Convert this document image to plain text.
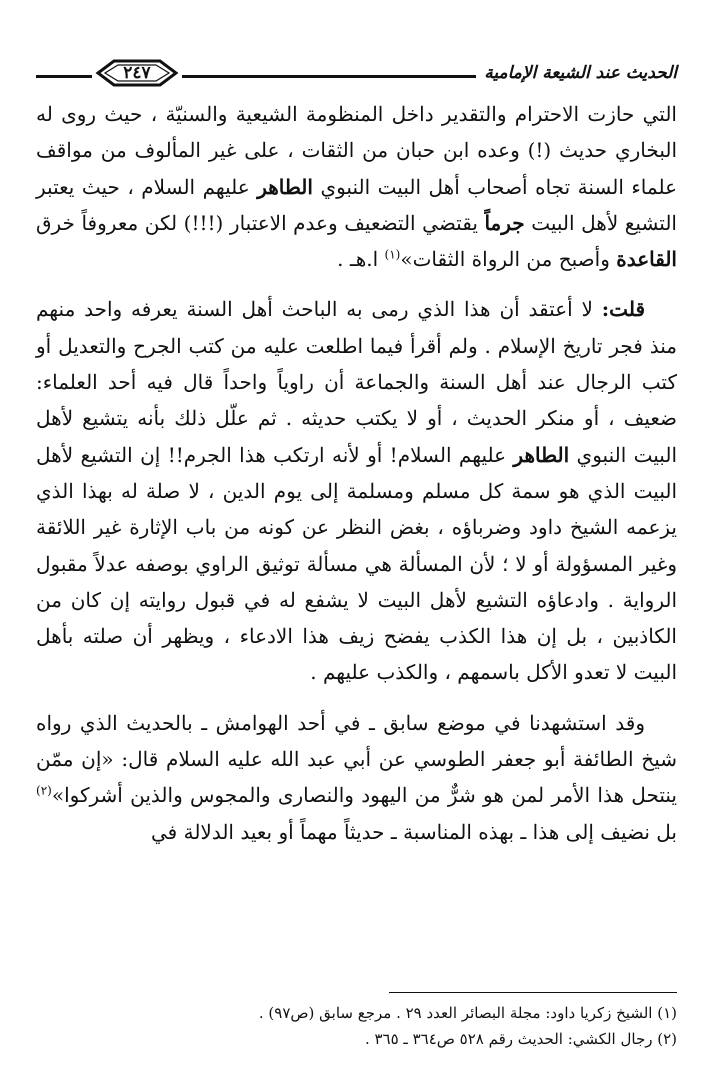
الحديث عند الشيعة الإمامية
٢٤٧

التي حازت الاحترام والتقدير داخل المنظومة الشيعية والسنيّة ، حيث روى له البخاري حديث (!) وعده ابن حبان من الثقات ، على غير المألوف من مواقف علماء السنة تجاه أصحاب أهل البيت النبوي الطاهر عليهم السلام ، حيث يعتبر التشيع لأهل البيت جرماً يقتضي التضعيف وعدم الاعتبار (!!!) لكن معروفاً خرق القاعدة وأصبح من الرواة الثقات»$^{(١)}$ ا.هـ .

قلت: لا أعتقد أن هذا الذي رمى به الباحث أهل السنة يعرفه واحد منهم منذ فجر تاريخ الإسلام . ولم أقرأ فيما اطلعت عليه من كتب الجرح والتعديل أو كتب الرجال عند أهل السنة والجماعة أن راوياً واحداً قال فيه أحد العلماء: ضعيف ، أو منكر الحديث ، أو لا يكتب حديثه . ثم علّل ذلك بأنه يتشيع لأهل البيت النبوي الطاهر عليهم السلام! أو لأنه ارتكب هذا الجرم!! إن التشيع لأهل البيت الذي هو سمة كل مسلم ومسلمة إلى يوم الدين ، لا صلة له بهذا الذي يزعمه الشيخ داود وضرباؤه ، بغض النظر عن كونه من باب الإثارة غير اللائقة وغير المسؤولة أو لا ؛ لأن المسألة هي مسألة توثيق الراوي بوصفه عدلاً مقبول الرواية . وادعاؤه التشيع لأهل البيت لا يشفع له في قبول روايته إن كان من الكاذبين ، بل إن هذا الكذب يفضح زيف هذا الادعاء ، ويظهر أن صلته بأهل البيت لا تعدو الأكل باسمهم ، والكذب عليهم .

وقد استشهدنا في موضع سابق ـ في أحد الهوامش ـ بالحديث الذي رواه شيخ الطائفة أبو جعفر الطوسي عن أبي عبد الله عليه السلام قال: «إن ممّن ينتحل هذا الأمر لمن هو شرٌّ من اليهود والنصارى والمجوس والذين أشركوا»$^{(٢)}$ بل نضيف إلى هذا ـ بهذه المناسبة ـ حديثاً مهماً أو بعيد الدلالة في

(١) الشيخ زكريا داود: مجلة البصائر العدد ٢٩ . مرجع سابق (ص٩٧) .

(٢) رجال الكشي: الحديث رقم ٥٢٨ ص٣٦٤ ـ ٣٦٥ .
